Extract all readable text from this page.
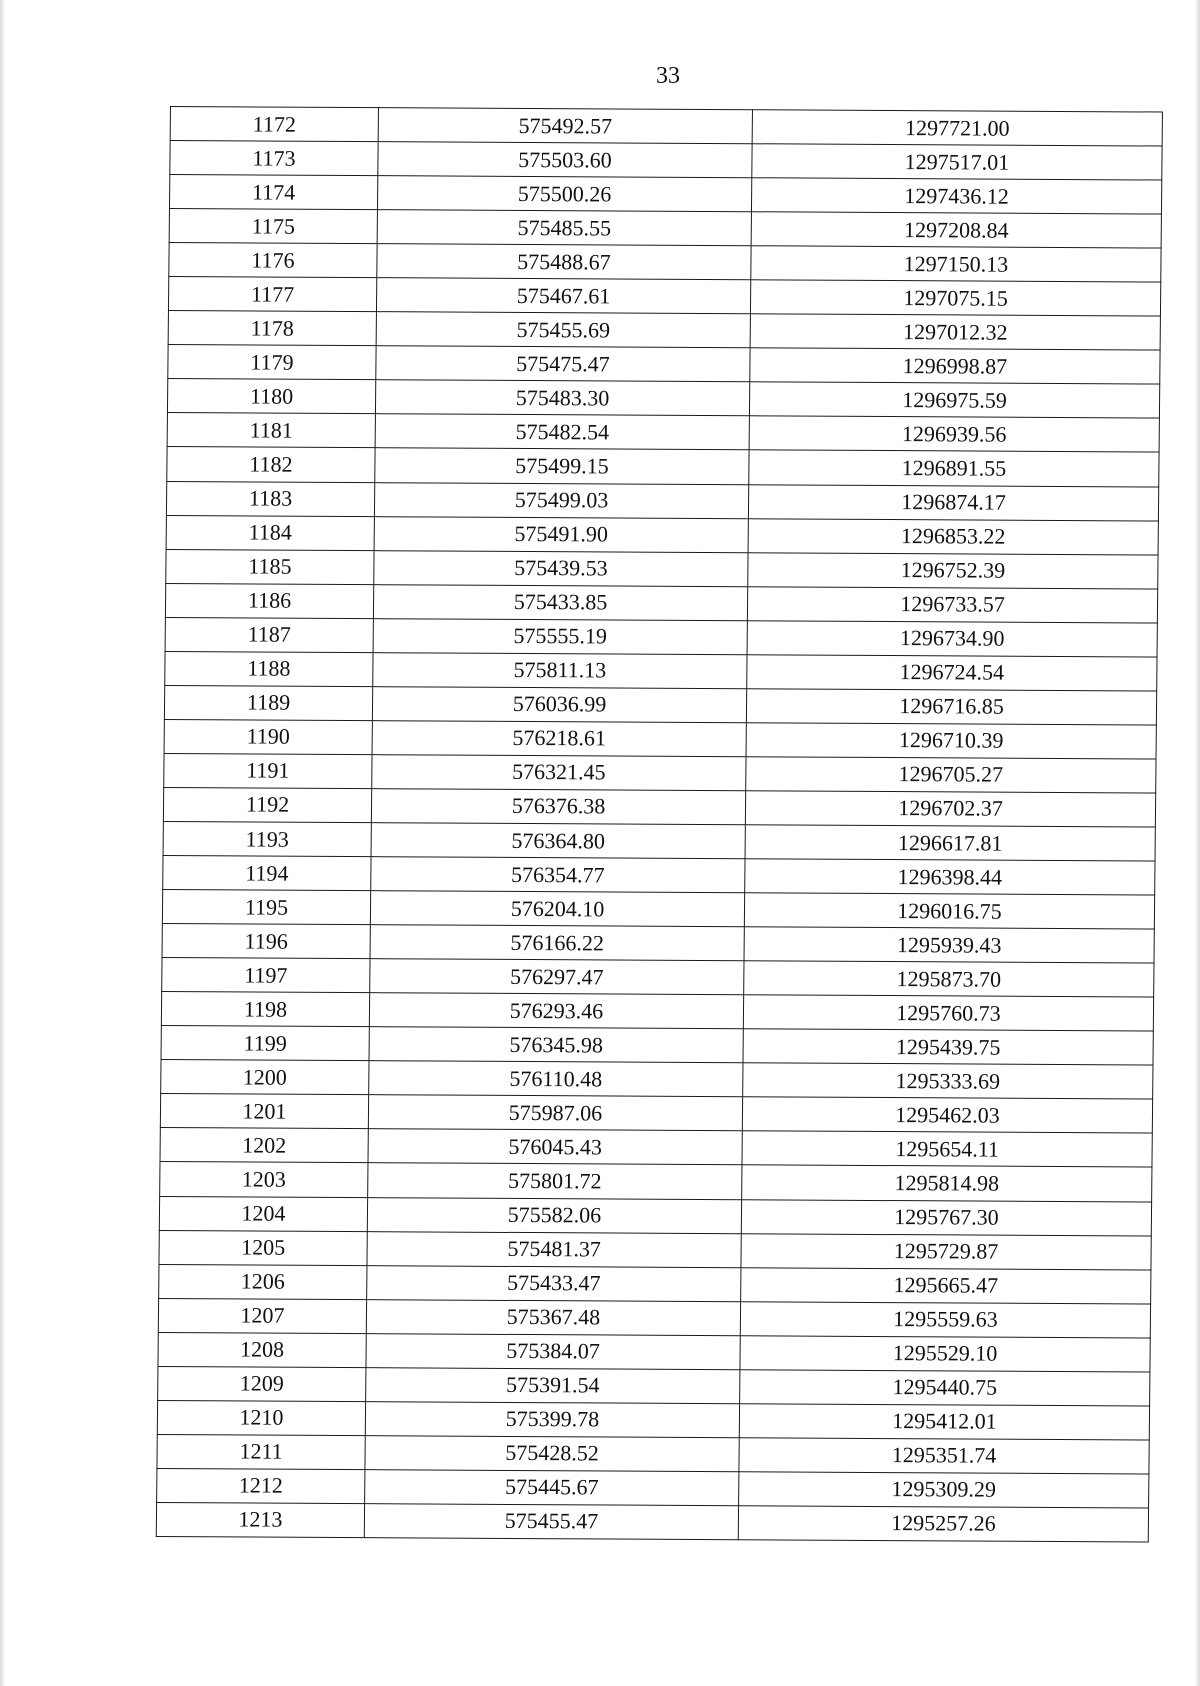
33
1172	575492.57	1297721.00
1173	575503.60	1297517.01
1174	575500.26	1297436.12
1175	575485.55	1297208.84
1176	575488.67	1297150.13
1177	575467.61	1297075.15
1178	575455.69	1297012.32
1179	575475.47	1296998.87
1180	575483.30	1296975.59
1181	575482.54	1296939.56
1182	575499.15	1296891.55
1183	575499.03	1296874.17
1184	575491.90	1296853.22
1185	575439.53	1296752.39
1186	575433.85	1296733.57
1187	575555.19	1296734.90
1188	575811.13	1296724.54
1189	576036.99	1296716.85
1190	576218.61	1296710.39
1191	576321.45	1296705.27
1192	576376.38	1296702.37
1193	576364.80	1296617.81
1194	576354.77	1296398.44
1195	576204.10	1296016.75
1196	576166.22	1295939.43
1197	576297.47	1295873.70
1198	576293.46	1295760.73
1199	576345.98	1295439.75
1200	576110.48	1295333.69
1201	575987.06	1295462.03
1202	576045.43	1295654.11
1203	575801.72	1295814.98
1204	575582.06	1295767.30
1205	575481.37	1295729.87
1206	575433.47	1295665.47
1207	575367.48	1295559.63
1208	575384.07	1295529.10
1209	575391.54	1295440.75
1210	575399.78	1295412.01
1211	575428.52	1295351.74
1212	575445.67	1295309.29
1213	575455.47	1295257.26
